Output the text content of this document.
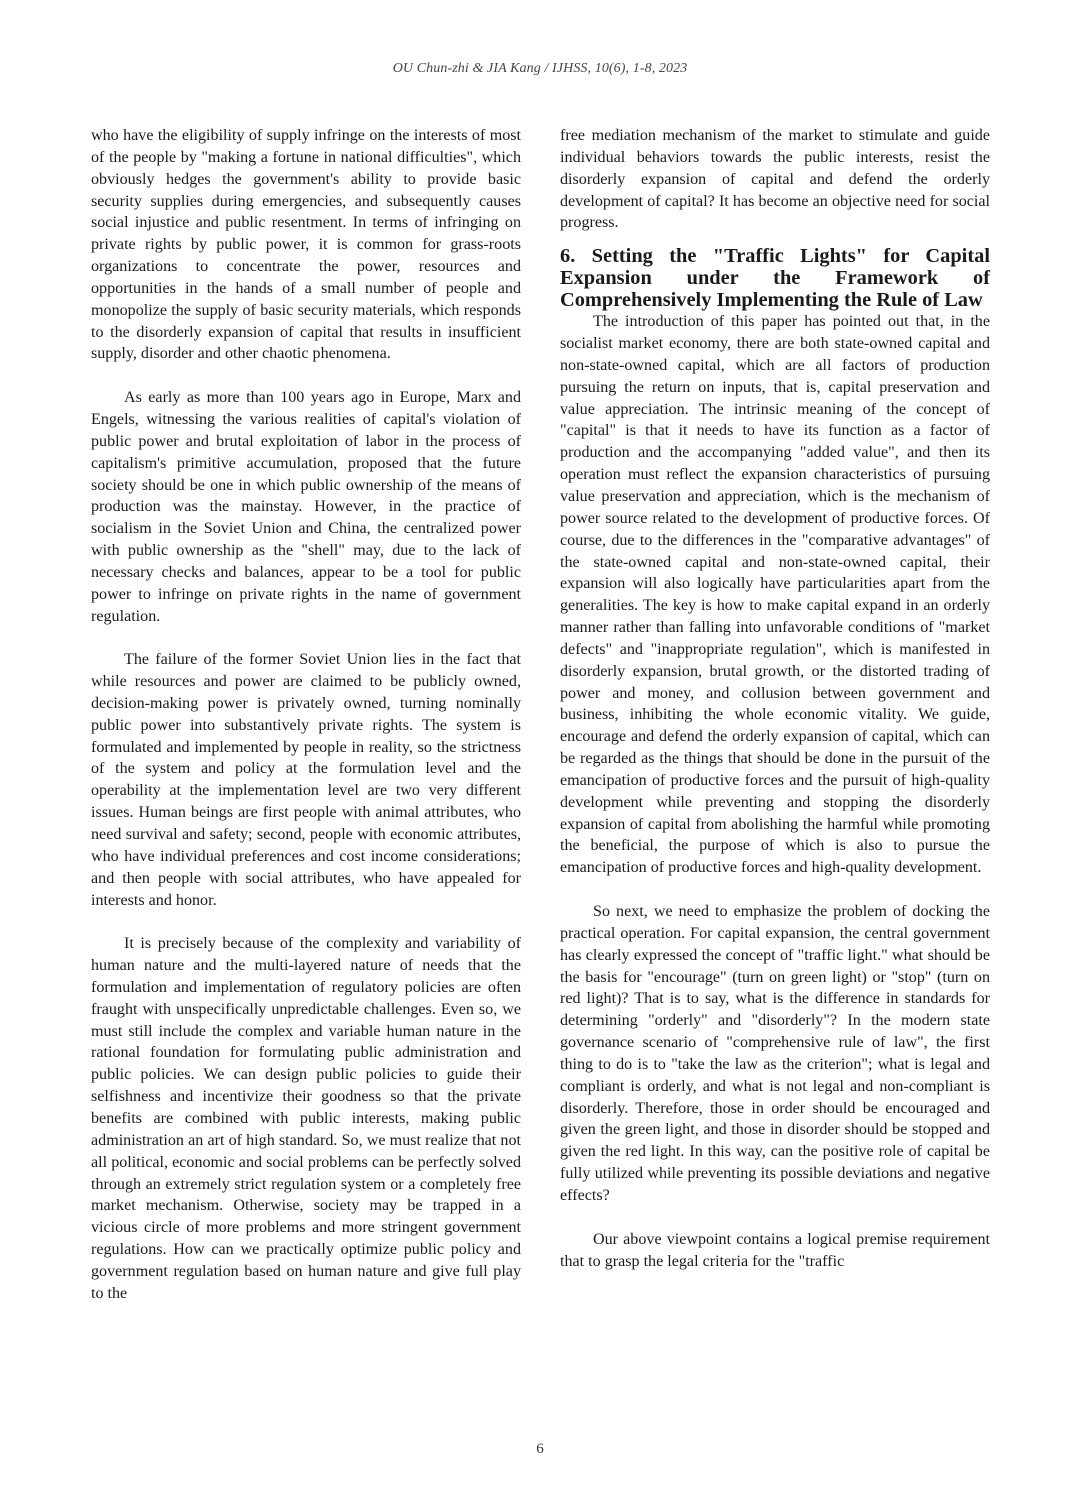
OU Chun-zhi & JIA Kang / IJHSS, 10(6), 1-8, 2023

who have the eligibility of supply infringe on the interests of most of the people by "making a fortune in national difficulties", which obviously hedges the government's ability to provide basic security supplies during emergencies, and subsequently causes social injustice and public resentment. In terms of infringing on private rights by public power, it is common for grass-roots organizations to concentrate the power, resources and opportunities in the hands of a small number of people and monopolize the supply of basic security materials, which responds to the disorderly expansion of capital that results in insufficient supply, disorder and other chaotic phenomena.

As early as more than 100 years ago in Europe, Marx and Engels, witnessing the various realities of capital's violation of public power and brutal exploitation of labor in the process of capitalism's primitive accumulation, proposed that the future society should be one in which public ownership of the means of production was the mainstay. However, in the practice of socialism in the Soviet Union and China, the centralized power with public ownership as the "shell" may, due to the lack of necessary checks and balances, appear to be a tool for public power to infringe on private rights in the name of government regulation.

The failure of the former Soviet Union lies in the fact that while resources and power are claimed to be publicly owned, decision-making power is privately owned, turning nominally public power into substantively private rights. The system is formulated and implemented by people in reality, so the strictness of the system and policy at the formulation level and the operability at the implementation level are two very different issues. Human beings are first people with animal attributes, who need survival and safety; second, people with economic attributes, who have individual preferences and cost income considerations; and then people with social attributes, who have appealed for interests and honor.

It is precisely because of the complexity and variability of human nature and the multi-layered nature of needs that the formulation and implementation of regulatory policies are often fraught with unspecifically unpredictable challenges. Even so, we must still include the complex and variable human nature in the rational foundation for formulating public administration and public policies. We can design public policies to guide their selfishness and incentivize their goodness so that the private benefits are combined with public interests, making public administration an art of high standard. So, we must realize that not all political, economic and social problems can be perfectly solved through an extremely strict regulation system or a completely free market mechanism. Otherwise, society may be trapped in a vicious circle of more problems and more stringent government regulations. How can we practically optimize public policy and government regulation based on human nature and give full play to the

free mediation mechanism of the market to stimulate and guide individual behaviors towards the public interests, resist the disorderly expansion of capital and defend the orderly development of capital? It has become an objective need for social progress.

6. Setting the "Traffic Lights" for Capital Expansion under the Framework of Comprehensively Implementing the Rule of Law

The introduction of this paper has pointed out that, in the socialist market economy, there are both state-owned capital and non-state-owned capital, which are all factors of production pursuing the return on inputs, that is, capital preservation and value appreciation. The intrinsic meaning of the concept of "capital" is that it needs to have its function as a factor of production and the accompanying "added value", and then its operation must reflect the expansion characteristics of pursuing value preservation and appreciation, which is the mechanism of power source related to the development of productive forces. Of course, due to the differences in the "comparative advantages" of the state-owned capital and non-state-owned capital, their expansion will also logically have particularities apart from the generalities. The key is how to make capital expand in an orderly manner rather than falling into unfavorable conditions of "market defects" and "inappropriate regulation", which is manifested in disorderly expansion, brutal growth, or the distorted trading of power and money, and collusion between government and business, inhibiting the whole economic vitality. We guide, encourage and defend the orderly expansion of capital, which can be regarded as the things that should be done in the pursuit of the emancipation of productive forces and the pursuit of high-quality development while preventing and stopping the disorderly expansion of capital from abolishing the harmful while promoting the beneficial, the purpose of which is also to pursue the emancipation of productive forces and high-quality development.

So next, we need to emphasize the problem of docking the practical operation. For capital expansion, the central government has clearly expressed the concept of "traffic light." what should be the basis for "encourage" (turn on green light) or "stop" (turn on red light)? That is to say, what is the difference in standards for determining "orderly" and "disorderly"? In the modern state governance scenario of "comprehensive rule of law", the first thing to do is to "take the law as the criterion"; what is legal and compliant is orderly, and what is not legal and non-compliant is disorderly. Therefore, those in order should be encouraged and given the green light, and those in disorder should be stopped and given the red light. In this way, can the positive role of capital be fully utilized while preventing its possible deviations and negative effects?

Our above viewpoint contains a logical premise requirement that to grasp the legal criteria for the "traffic

6
